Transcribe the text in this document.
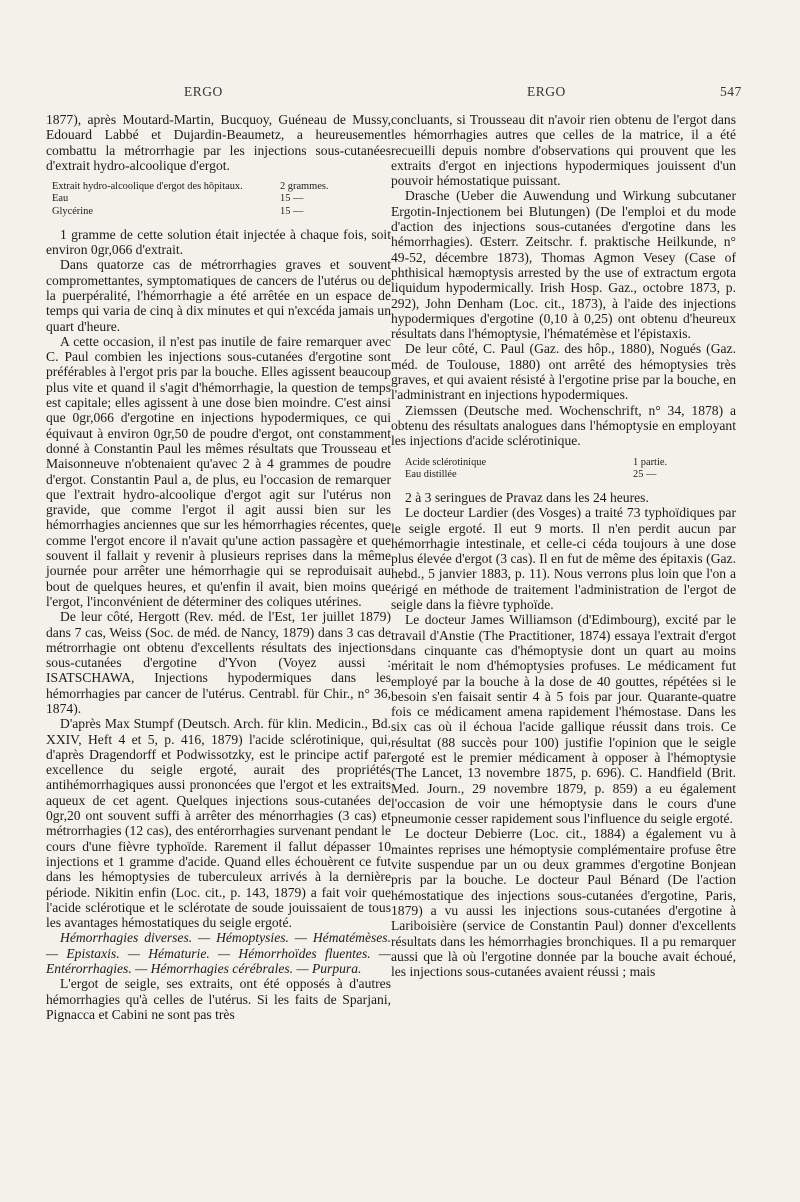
ERGO	ERGO	547

1877), après Moutard-Martin, Bucquoy, Guéneau de Mussy, Edouard Labbé et Dujardin-Beaumetz, a heureusement combattu la métrorrhagie par les injections sous-cutanées d'extrait hydro-alcoolique d'ergot.

Extrait hydro-alcoolique d'ergot des hôpitaux.	2 grammes.
Eau	15 —
Glycérine	15 —

1 gramme de cette solution était injectée à chaque fois, soit environ 0gr,066 d'extrait.

Dans quatorze cas de métrorrhagies graves et souvent compromettantes, symptomatiques de cancers de l'utérus ou de la puerpéralité, l'hémorrhagie a été arrêtée en un espace de temps qui varia de cinq à dix minutes et qui n'excéda jamais un quart d'heure.

A cette occasion, il n'est pas inutile de faire remarquer avec C. Paul combien les injections sous-cutanées d'ergotine sont préférables à l'ergot pris par la bouche. Elles agissent beaucoup plus vite et quand il s'agit d'hémorrhagie, la question de temps est capitale; elles agissent à une dose bien moindre. C'est ainsi que 0gr,066 d'ergotine en injections hypodermiques, ce qui équivaut à environ 0gr,50 de poudre d'ergot, ont constamment donné à Constantin Paul les mêmes résultats que Trousseau et Maisonneuve n'obtenaient qu'avec 2 à 4 grammes de poudre d'ergot. Constantin Paul a, de plus, eu l'occasion de remarquer que l'extrait hydro-alcoolique d'ergot agit sur l'utérus non gravide, que comme l'ergot il agit aussi bien sur les hémorrhagies anciennes que sur les hémorrhagies récentes, que comme l'ergot encore il n'avait qu'une action passagère et que souvent il fallait y revenir à plusieurs reprises dans la même journée pour arrêter une hémorrhagie qui se reproduisait au bout de quelques heures, et qu'enfin il avait, bien moins que l'ergot, l'inconvénient de déterminer des coliques utérines.

De leur côté, Hergott (Rev. méd. de l'Est, 1er juillet 1879) dans 7 cas, Weiss (Soc. de méd. de Nancy, 1879) dans 3 cas de métrorrhagie ont obtenu d'excellents résultats des injections sous-cutanées d'ergotine d'Yvon (Voyez aussi : ISATSCHAWA, Injections hypodermiques dans les hémorrhagies par cancer de l'utérus. Centrabl. für Chir., n° 36, 1874).

D'après Max Stumpf (Deutsch. Arch. für klin. Medicin., Bd. XXIV, Heft 4 et 5, p. 416, 1879) l'acide sclérotinique, qui, d'après Dragendorff et Podwissotzky, est le principe actif par excellence du seigle ergoté, aurait des propriétés antihémorrhagiques aussi prononcées que l'ergot et les extraits aqueux de cet agent. Quelques injections sous-cutanées de 0gr,20 ont souvent suffi à arrêter des ménorrhagies (3 cas) et métrorrhagies (12 cas), des entérorrhagies survenant pendant le cours d'une fièvre typhoïde. Rarement il fallut dépasser 10 injections et 1 gramme d'acide. Quand elles échouèrent ce fut dans les hémoptysies de tuberculeux arrivés à la dernière période. Nikitin enfin (Loc. cit., p. 143, 1879) a fait voir que l'acide sclérotique et le sclérotate de soude jouissaient de tous les avantages hémostatiques du seigle ergoté.

Hémorrhagies diverses. — Hémoptysies. — Hématémèses. — Epistaxis. — Hématurie. — Hémorrhoïdes fluentes. — Entérorrhagies. — Hémorrhagies cérébrales. — Purpura.

L'ergot de seigle, ses extraits, ont été opposés à d'autres hémorrhagies qu'à celles de l'utérus. Si les faits de Sparjani, Pignacca et Cabini ne sont pas très

concluants, si Trousseau dit n'avoir rien obtenu de l'ergot dans les hémorrhagies autres que celles de la matrice, il a été recueilli depuis nombre d'observations qui prouvent que les extraits d'ergot en injections hypodermiques jouissent d'un pouvoir hémostatique puissant.

Drasche (Ueber die Auwendung und Wirkung subcutaner Ergotin-Injectionem bei Blutungen) (De l'emploi et du mode d'action des injections sous-cutanées d'ergotine dans les hémorrhagies). Œsterr. Zeitschr. f. praktische Heilkunde, n° 49-52, décembre 1873), Thomas Agmon Vesey (Case of phthisical hæmoptysis arrested by the use of extractum ergota liquidum hypodermically. Irish Hosp. Gaz., octobre 1873, p. 292), John Denham (Loc. cit., 1873), à l'aide des injections hypodermiques d'ergotine (0,10 à 0,25) ont obtenu d'heureux résultats dans l'hémoptysie, l'hématémèse et l'épistaxis.

De leur côté, C. Paul (Gaz. des hôp., 1880), Nogués (Gaz. méd. de Toulouse, 1880) ont arrêté des hémoptysies très graves, et qui avaient résisté à l'ergotine prise par la bouche, en l'administrant en injections hypodermiques.

Ziemssen (Deutsche med. Wochenschrift, n° 34, 1878) a obtenu des résultats analogues dans l'hémoptysie en employant les injections d'acide sclérotinique.

Acide sclérotinique	1 partie.
Eau distillée	25 —

2 à 3 seringues de Pravaz dans les 24 heures.

Le docteur Lardier (des Vosges) a traité 73 typhoïdiques par le seigle ergoté. Il eut 9 morts. Il n'en perdit aucun par hémorrhagie intestinale, et celle-ci céda toujours à une dose plus élevée d'ergot (3 cas). Il en fut de même des épitaxis (Gaz. hebd., 5 janvier 1883, p. 11). Nous verrons plus loin que l'on a érigé en méthode de traitement l'administration de l'ergot de seigle dans la fièvre typhoïde.

Le docteur James Williamson (d'Edimbourg), excité par le travail d'Anstie (The Practitioner, 1874) essaya l'extrait d'ergot dans cinquante cas d'hémoptysie dont un quart au moins méritait le nom d'hémoptysies profuses. Le médicament fut employé par la bouche à la dose de 40 gouttes, répétées si le besoin s'en faisait sentir 4 à 5 fois par jour. Quarante-quatre fois ce médicament amena rapidement l'hémostase. Dans les six cas où il échoua l'acide gallique réussit dans trois. Ce résultat (88 succès pour 100) justifie l'opinion que le seigle ergoté est le premier médicament à opposer à l'hémoptysie (The Lancet, 13 novembre 1875, p. 696). C. Handfield (Brit. Med. Journ., 29 novembre 1879, p. 859) a eu également l'occasion de voir une hémoptysie dans le cours d'une pneumonie cesser rapidement sous l'influence du seigle ergoté.

Le docteur Debierre (Loc. cit., 1884) a également vu à maintes reprises une hémoptysie complémentaire profuse être vite suspendue par un ou deux grammes d'ergotine Bonjean pris par la bouche. Le docteur Paul Bénard (De l'action hémostatique des injections sous-cutanées d'ergotine, Paris, 1879) a vu aussi les injections sous-cutanées d'ergotine à Lariboisière (service de Constantin Paul) donner d'excellents résultats dans les hémorrhagies bronchiques. Il a pu remarquer aussi que là où l'ergotine donnée par la bouche avait échoué, les injections sous-cutanées avaient réussi ; mais
